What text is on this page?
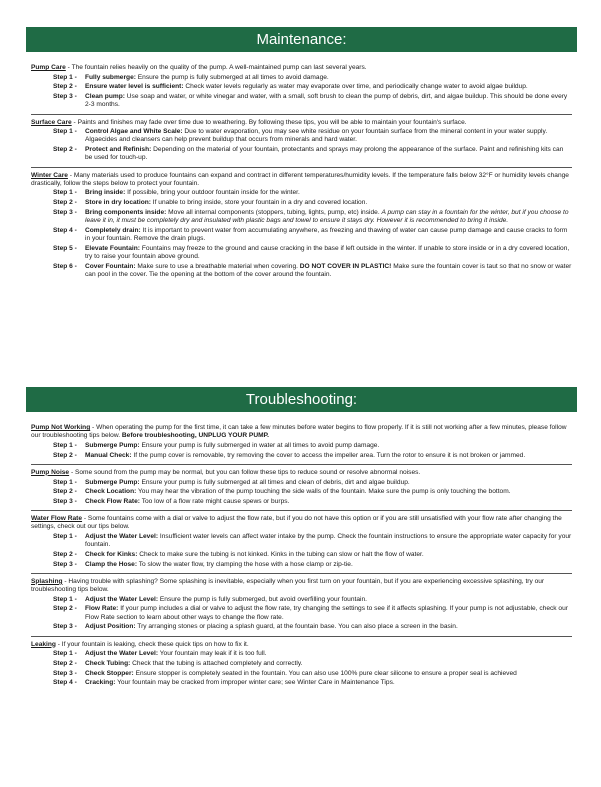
Maintenance:

Pump Care - The fountain relies heavily on the quality of the pump. A well-maintained pump can last several years.

Step 1 -	Fully submerge: Ensure the pump is fully submerged at all times to avoid damage.
Step 2 -	Ensure water level is sufficient: Check water levels regularly as water may evaporate over time, and periodically change water to avoid algae buildup.
Step 3 -	Clean pump: Use soap and water, or white vinegar and water, with a small, soft brush to clean the pump of debris, dirt, and algae buildup. This should be done every 2-3 months.

Surface Care - Paints and finishes may fade over time due to weathering. By following these tips, you will be able to maintain your fountain's surface.

Step 1 -	Control Algae and White Scale: Due to water evaporation, you may see white residue on your fountain surface from the mineral content in your water supply. Algaecides and cleansers can help prevent buildup that occurs from minerals and hard water.
Step 2 -	Protect and Refinish: Depending on the material of your fountain, protectants and sprays may prolong the appearance of the surface. Paint and refinishing kits can be used for touch-up.

Winter Care - Many materials used to produce fountains can expand and contract in different temperatures/humidity levels. If the temperature falls below 32°F or humidity levels change drastically, follow the steps below to protect your fountain.

Step 1 -	Bring inside: If possible, bring your outdoor fountain inside for the winter.
Step 2 -	Store in dry location: If unable to bring inside, store your fountain in a dry and covered location.
Step 3 -	Bring components inside: Move all internal components (stoppers, tubing, lights, pump, etc) inside. A pump can stay in a fountain for the winter, but if you choose to leave it in, it must be completely dry and insulated with plastic bags and towel to ensure it stays dry. However it is recommended to bring it inside.
Step 4 -	Completely drain: It is important to prevent water from accumulating anywhere, as freezing and thawing of water can cause pump damage and cause cracks to form in your fountain. Remove the drain plugs.
Step 5 -	Elevate Fountain: Fountains may freeze to the ground and cause cracking in the base if left outside in the winter. If unable to store inside or in a dry covered location, try to raise your fountain above ground.
Step 6 -	Cover Fountain: Make sure to use a breathable material when covering. DO NOT COVER IN PLASTIC! Make sure the fountain cover is taut so that no snow or water can pool in the cover. Tie the opening at the bottom of the cover around the fountain.
Troubleshooting:

Pump Not Working - When operating the pump for the first time, it can take a few minutes before water begins to flow properly. If it is still not working after a few minutes, please follow our troubleshooting tips below. Before troubleshooting, UNPLUG YOUR PUMP.

Step 1 -	Submerge Pump: Ensure your pump is fully submerged in water at all times to avoid pump damage.
Step 2 -	Manual Check: If the pump cover is removable, try removing the cover to access the impeller area. Turn the rotor to ensure it is not broken or jammed.

Pump Noise - Some sound from the pump may be normal, but you can follow these tips to reduce sound or resolve abnormal noises.

Step 1 -	Submerge Pump: Ensure your pump is fully submerged at all times and clean of debris, dirt and algae buildup.
Step 2 -	Check Location: You may hear the vibration of the pump touching the side walls of the fountain. Make sure the pump is only touching the bottom.
Step 3 -	Check Flow Rate: Too low of a flow rate might cause spews or burps.

Water Flow Rate - Some fountains come with a dial or valve to adjust the flow rate, but if you do not have this option or if you are still unsatisfied with your flow rate after changing the settings, check out our tips below.

Step 1 -	Adjust the Water Level: Insufficient water levels can affect water intake by the pump. Check the fountain instructions to ensure the appropriate water capacity for your fountain.
Step 2 -	Check for Kinks: Check to make sure the tubing is not kinked. Kinks in the tubing can slow or halt the flow of water.
Step 3 -	Clamp the Hose: To slow the water flow, try clamping the hose with a hose clamp or zip-tie.

Splashing - Having trouble with splashing? Some splashing is inevitable, especially when you first turn on your fountain, but if you are experiencing excessive splashing, try our troubleshooting tips below.

Step 1 -	Adjust the Water Level: Ensure the pump is fully submerged, but avoid overfilling your fountain.
Step 2 -	Flow Rate: If your pump includes a dial or valve to adjust the flow rate, try changing the settings to see if it affects splashing. If your pump is not adjustable, check our Flow Rate section to learn about other ways to change the flow rate.
Step 3 -	Adjust Position: Try arranging stones or placing a splash guard, at the fountain base. You can also place a screen in the basin.

Leaking - If your fountain is leaking, check these quick tips on how to fix it.

Step 1 -	Adjust the Water Level: Your fountain may leak if it is too full.
Step 2 -	Check Tubing: Check that the tubing is attached completely and correctly.
Step 3 -	Check Stopper: Ensure stopper is completely seated in the fountain. You can also use 100% pure clear silicone to ensure a proper seal is achieved
Step 4 -	Cracking: Your fountain may be cracked from improper winter care; see Winter Care in Maintenance Tips.
